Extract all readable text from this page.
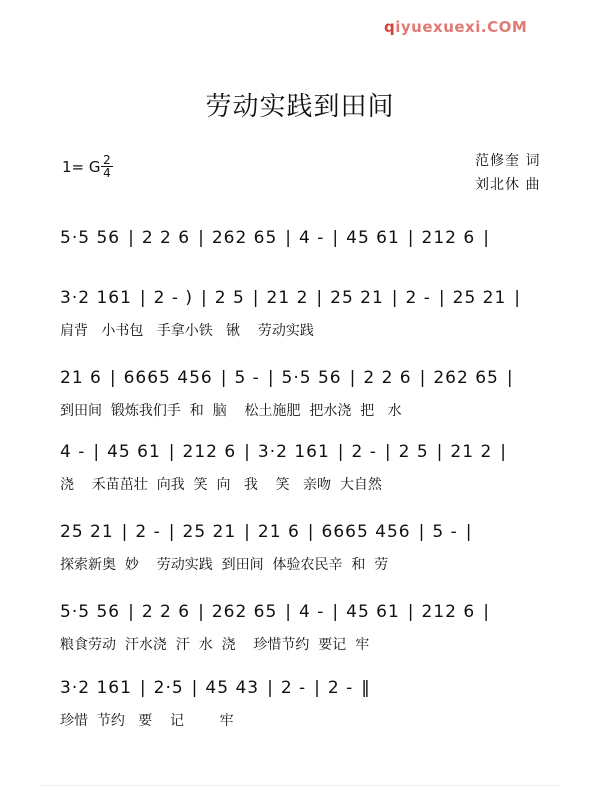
qiyuexuexi.COM
劳动实践到田间
1= G 2
4
范修奎 词
刘北休 曲
5·5 56 | 2 2 6 | 262 65 | 4 - | 45 61 | 212 6 |
3·2 161 | 2 - ) | 2 5 | 21 2 | 25 21 | 2 - | 25 21 |
肩背   小书包   手拿小铁   锹    劳动实践
21 6 | 6665 456 | 5 - | 5·5 56 | 2 2 6 | 262 65 |
到田间  锻炼我们手  和  脑    松土施肥  把水浇  把   水
4 - | 45 61 | 212 6 | 3·2 161 | 2 - | 2 5 | 21 2 |
浇    禾苗茁壮  向我  笑  向   我    笑   亲吻  大自然
25 21 | 2 - | 25 21 | 21 6 | 6665 456 | 5 - |
探索新奥  妙    劳动实践  到田间  体验农民辛  和  劳
5·5 56 | 2 2 6 | 262 65 | 4 - | 45 61 | 212 6 |
粮食劳动  汗水浇  汗  水  浇    珍惜节约  要记  牢
3·2 161 | 2·5 | 45 43 | 2 - | 2 - ‖
珍惜  节约   要    记        牢
